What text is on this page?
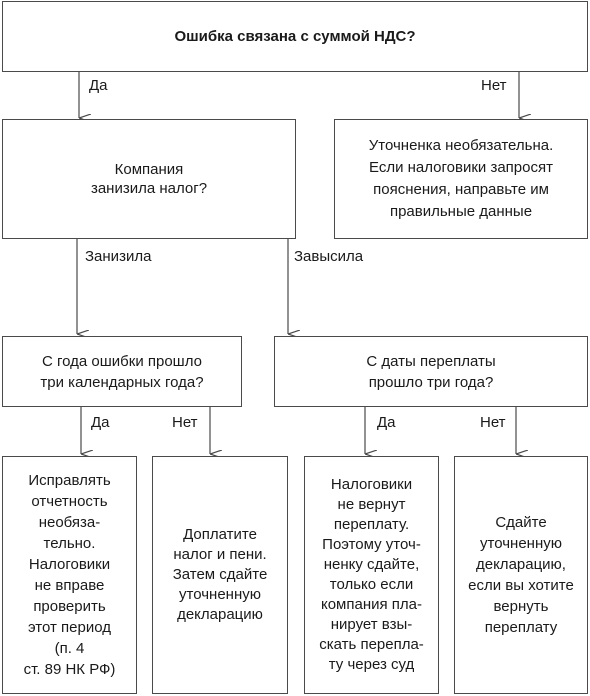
Ошибка связана с суммой НДС?
Компания
занизила налог?
Уточненка необязательна.
Если налоговики запросят
пояснения, направьте им
правильные данные
С года ошибки прошло
три календарных года?
С даты переплаты
прошло три года?
Исправлять
отчетность
необяза-
тельно.
Налоговики
не вправе
проверить
этот период
(п. 4
ст. 89 НК РФ)
Доплатите
налог и пени.
Затем сдайте
уточненную
декларацию
Налоговики
не вернут
переплату.
Поэтому уточ-
ненку сдайте,
только если
компания пла-
нирует взы-
скать перепла-
ту через суд
Сдайте
уточненную
декларацию,
если вы хотите
вернуть
переплату
Да	Нет
Занизила	Завысила
Да	Нет	Да	Нет
